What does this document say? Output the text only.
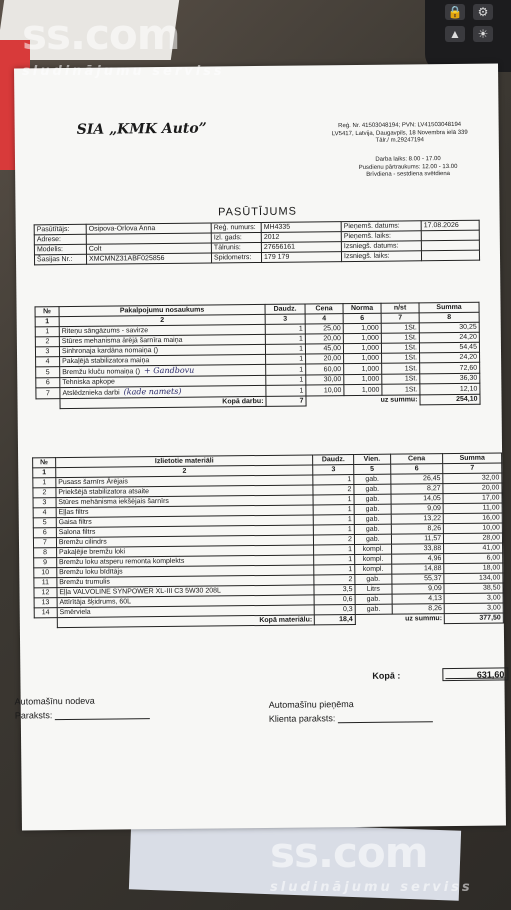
🔒	⚙
▲	☀
SIA „KMK Auto”	Reģ. Nr. 41503048194; PVN: LV41503048194
LV5417, Latvija, Daugavpils, 18 Novembra ielā 339
Tālr./ m.29247194
Darba laiks: 8.00 - 17.00
Pusdienu pārtraukums: 12.00 - 13.00
Brīvdiena - sestdiena svētdiena
PASŪTĪJUMS
Pasūtītājs:	Osipova-Orlova Anna	Reģ. numurs:	MH4335	Pieņemš. datums:	17.08.2026
Adrese:		Izl. gads:	2012	Pieņemš. laiks:	
Modelis:	Colt	Tālrunis:	27656161	Izsniegš. datums:	
Šasijas Nr.:	XMCMNZ31ABF025856	Spidometrs:	179 179	Izsniegš. laiks:	
№	Pakalpojumu nosaukums	Daudz.	Cena	Norma	n/st	Summa
1	2	3	4	6	7	8
1	Riteņu sāngāzums - savirze	1	25,00	1,000	1St.	30,25
2	Stūres mehanisma ārējā šarnīra maiņa	1	20,00	1,000	1St.	24,20
3	Sinhronaja kardāna nomaiņa ()	1	45,00	1,000	1St.	54,45
4	Pakaļējā stabilizatora maiņa	1	20,00	1,000	1St.	24,20
5	Bremžu kluču nomaiņa () + Gandbovu	1	60,00	1,000	1St.	72,60
6	Tehniska apkope	1	30,00	1,000	1St.	36,30
7	Atslēdznieka darbi (kade namets)	1	10,00	1,000	1St.	12,10
	Kopā darbu:	7		uz summu:		254,10
№	Izlietotie materiāli	Daudz.	Vien.	Cena	Summa
1	2	3	5	6	7
1	Pusass šarnīrs Ārējais	1	gab.	26,45	32,00
2	Priekšējā stabilizatora atsaite	2	gab.	8,27	20,00
3	Stūres mehānisma iekšējais šarnīrs	1	gab.	14,05	17,00
4	Eļļas filtrs	1	gab.	9,09	11,00
5	Gaisa filtrs	1	gab.	13,22	16,00
6	Salona filtrs	1	gab.	8,26	10,00
7	Bremžu cilindrs	2	gab.	11,57	28,00
8	Pakaļējie bremžu loki	1	kompl.	33,88	41,00
9	Bremžu loku atsperu remonta komplekts	1	kompl.	4,96	6,00
10	Bremžu loku bīdītājs	1	kompl.	14,88	18,00
11	Bremžu trumulis	2	gab.	55,37	134,00
12	Eļļa VALVOLINE SYNPOWER XL-III C3 5W30 208L	3,5	Litrs	9,09	38,50
13	Attīrītāja šķidrums, 60L	0,6	gab.	4,13	3,00
14	Smērviela	0,3	gab.	8,26	3,00
	Kopā materiālu:	18,4	uz summu:		377,50
Kopā :	631,60
Automašīnu nodeva
Paraksts:
Automašīnu pieņēma
Klienta paraksts:
ss.com
sludinājumu serviss
ss.com
sludinājumu serviss
